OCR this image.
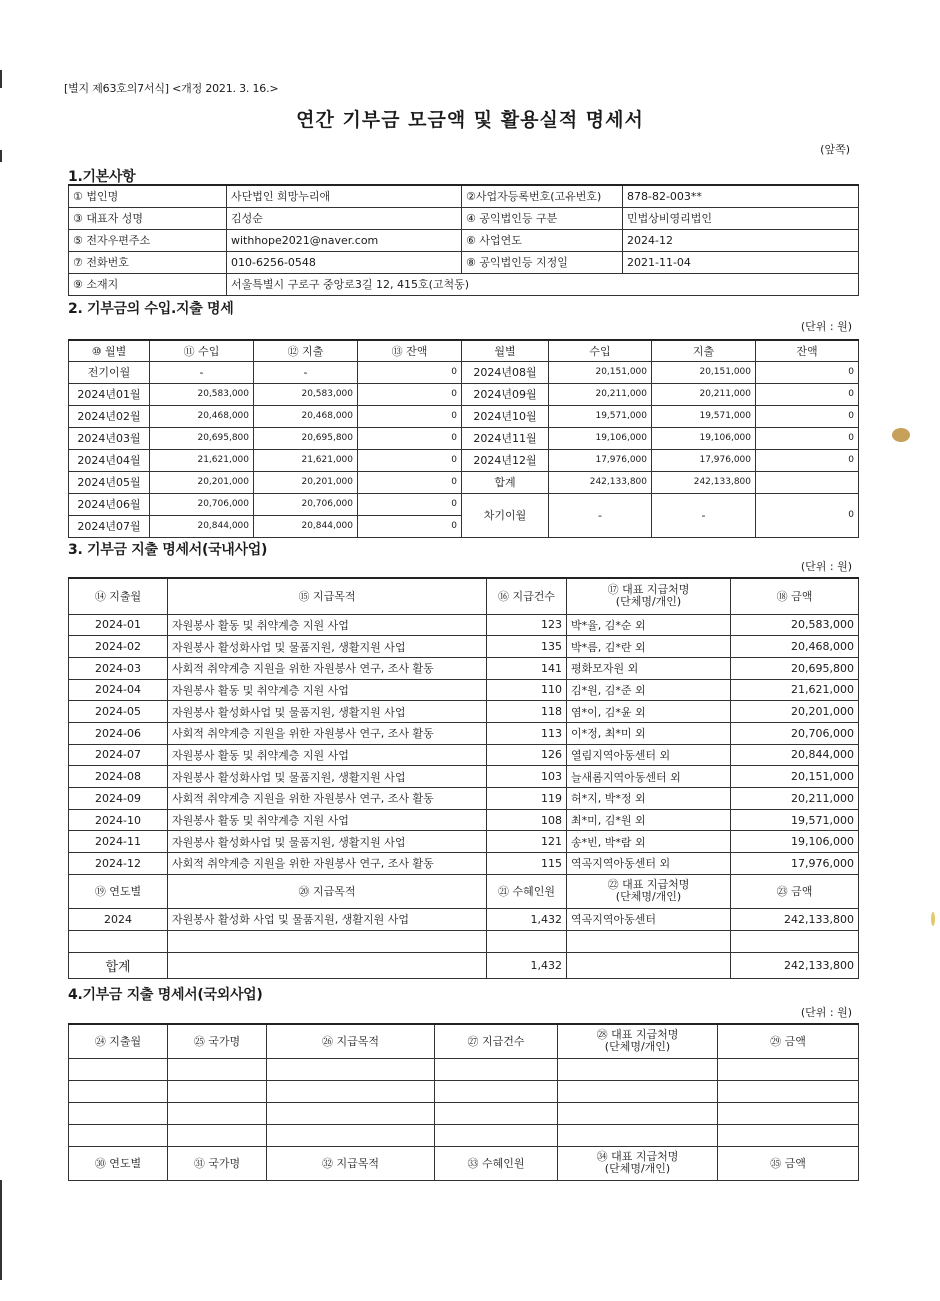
[별지 제63호의7서식] <개정 2021. 3. 16.>
연간 기부금 모금액 및 활용실적 명세서
(앞쪽)
1.기본사항
① 법인명	사단법인 희망누리애	②사업자등록번호(고유번호)	878-82-003**
③ 대표자 성명	김성순	④ 공익법인등 구분	민법상비영리법인
⑤ 전자우편주소	withhope2021@naver.com	⑥ 사업연도	2024-12
⑦ 전화번호	010-6256-0548	⑧ 공익법인등 지정일	2021-11-04
⑨ 소재지	서울특별시 구로구 중앙로3길 12, 415호(고척동)		
2. 기부금의 수입.지출 명세
(단위 : 원)
⑩ 월별	⑪ 수입	⑫ 지출	⑬ 잔액	월별	수입	지출	잔액
전기이월	-	-	0	2024년08월	20,151,000	20,151,000	0
2024년01월	20,583,000	20,583,000	0	2024년09월	20,211,000	20,211,000	0
2024년02월	20,468,000	20,468,000	0	2024년10월	19,571,000	19,571,000	0
2024년03월	20,695,800	20,695,800	0	2024년11월	19,106,000	19,106,000	0
2024년04월	21,621,000	21,621,000	0	2024년12월	17,976,000	17,976,000	0
2024년05월	20,201,000	20,201,000	0	합계	242,133,800	242,133,800	
2024년06월	20,706,000	20,706,000	0	차기이월	-	-	0
2024년07월	20,844,000	20,844,000	0				
3. 기부금 지출 명세서(국내사업)
(단위 : 원)
⑭ 지출월	⑮ 지급목적	⑯ 지급건수	⑰ 대표 지급처명
(단체명/개인)	⑱ 금액
2024-01	자원봉사 활동 및 취약계층 지원 사업	123	박*율, 김*순 외	20,583,000
2024-02	자원봉사 활성화사업 및 물품지원, 생활지원 사업	135	박*름, 김*란 외	20,468,000
2024-03	사회적 취약계층 지원을 위한 자원봉사 연구, 조사 활동	141	평화모자원 외	20,695,800
2024-04	자원봉사 활동 및 취약계층 지원 사업	110	김*원, 김*준 외	21,621,000
2024-05	자원봉사 활성화사업 및 물품지원, 생활지원 사업	118	염*이, 김*윤 외	20,201,000
2024-06	사회적 취약계층 지원을 위한 자원봉사 연구, 조사 활동	113	이*정, 최*미 외	20,706,000
2024-07	자원봉사 활동 및 취약계층 지원 사업	126	열림지역아동센터 외	20,844,000
2024-08	자원봉사 활성화사업 및 물품지원, 생활지원 사업	103	늘새롬지역아동센터 외	20,151,000
2024-09	사회적 취약계층 지원을 위한 자원봉사 연구, 조사 활동	119	허*지, 박*정 외	20,211,000
2024-10	자원봉사 활동 및 취약계층 지원 사업	108	최*미, 김*원 외	19,571,000
2024-11	자원봉사 활성화사업 및 물품지원, 생활지원 사업	121	송*빈, 박*람 외	19,106,000
2024-12	사회적 취약계층 지원을 위한 자원봉사 연구, 조사 활동	115	역곡지역아동센터 외	17,976,000
⑲ 연도별	⑳ 지급목적	㉑ 수혜인원	㉒ 대표 지급처명
(단체명/개인)	㉓ 금액
2024	자원봉사 활성화 사업 및 물품지원, 생활지원 사업	1,432	역곡지역아동센터	242,133,800

합계		1,432		242,133,800
4.기부금 지출 명세서(국외사업)
(단위 : 원)
㉔ 지출월	㉕ 국가명	㉖ 지급목적	㉗ 지급건수	㉘ 대표 지급처명
(단체명/개인)	㉙ 금액

㉚ 연도별	㉛ 국가명	㉜ 지급목적	㉝ 수혜인원	㉞ 대표 지급처명
(단체명/개인)	㉟ 금액
